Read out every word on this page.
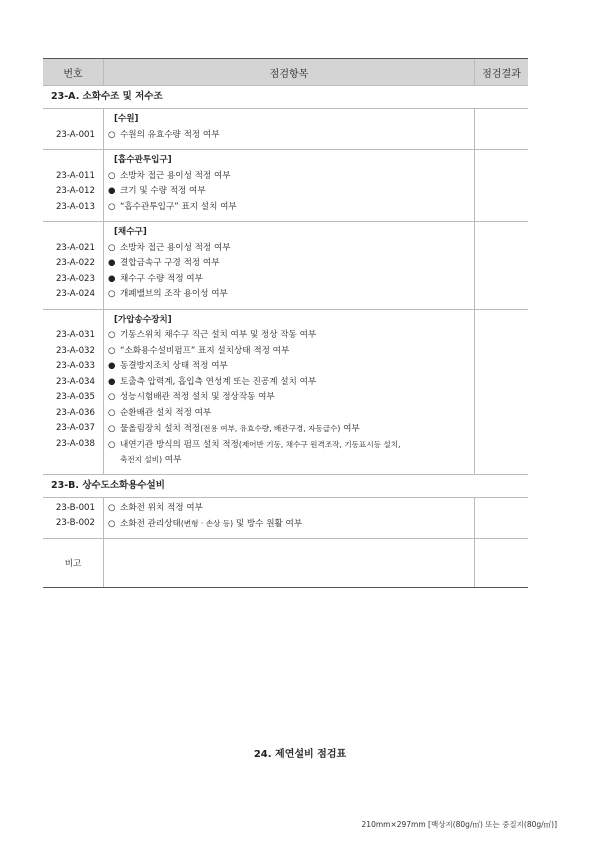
번호	점검항목	점검결과
23-A. 소화수조 및 저수조
23-A-001
[수원]
○ 수원의 유효수량 적정 여부
23-A-011
23-A-012
23-A-013
[흡수관투입구]
○ 소방차 접근 용이성 적정 여부
● 크기 및 수량 적정 여부
○ “흡수관투입구” 표지 설치 여부
23-A-021
23-A-022
23-A-023
23-A-024
[채수구]
○ 소방차 접근 용이성 적정 여부
● 결합금속구 구경 적정 여부
● 채수구 수량 적정 여부
○ 개폐밸브의 조작 용이성 여부
23-A-031
23-A-032
23-A-033
23-A-034
23-A-035
23-A-036
23-A-037
23-A-038
[가압송수장치]
○ 기동스위치 채수구 직근 설치 여부 및 정상 작동 여부
○ “소화용수설비펌프” 표지 설치상태 적정 여부
● 동결방지조치 상태 적정 여부
● 토출측 압력계, 흡입측 연성계 또는 진공계 설치 여부
○ 성능시험배관 적정 설치 및 정상작동 여부
○ 순환배관 설치 적정 여부
○ 물올림장치 설치 적정(전용 여부, 유효수량, 배관구경, 자동급수) 여부
○ 내연기관 방식의 펌프 설치 적정(제어반 기동, 채수구 원격조작, 기동표시등 설치,
축전지 설비) 여부
23-B. 상수도소화용수설비
23-B-001
23-B-002
○ 소화전 위치 적정 여부
○ 소화전 관리상태(변형 · 손상 등) 및 방수 원활 여부
비고
24. 제연설비 점검표
210mm×297mm [백상지(80g/㎡) 또는 중질지(80g/㎡)]
